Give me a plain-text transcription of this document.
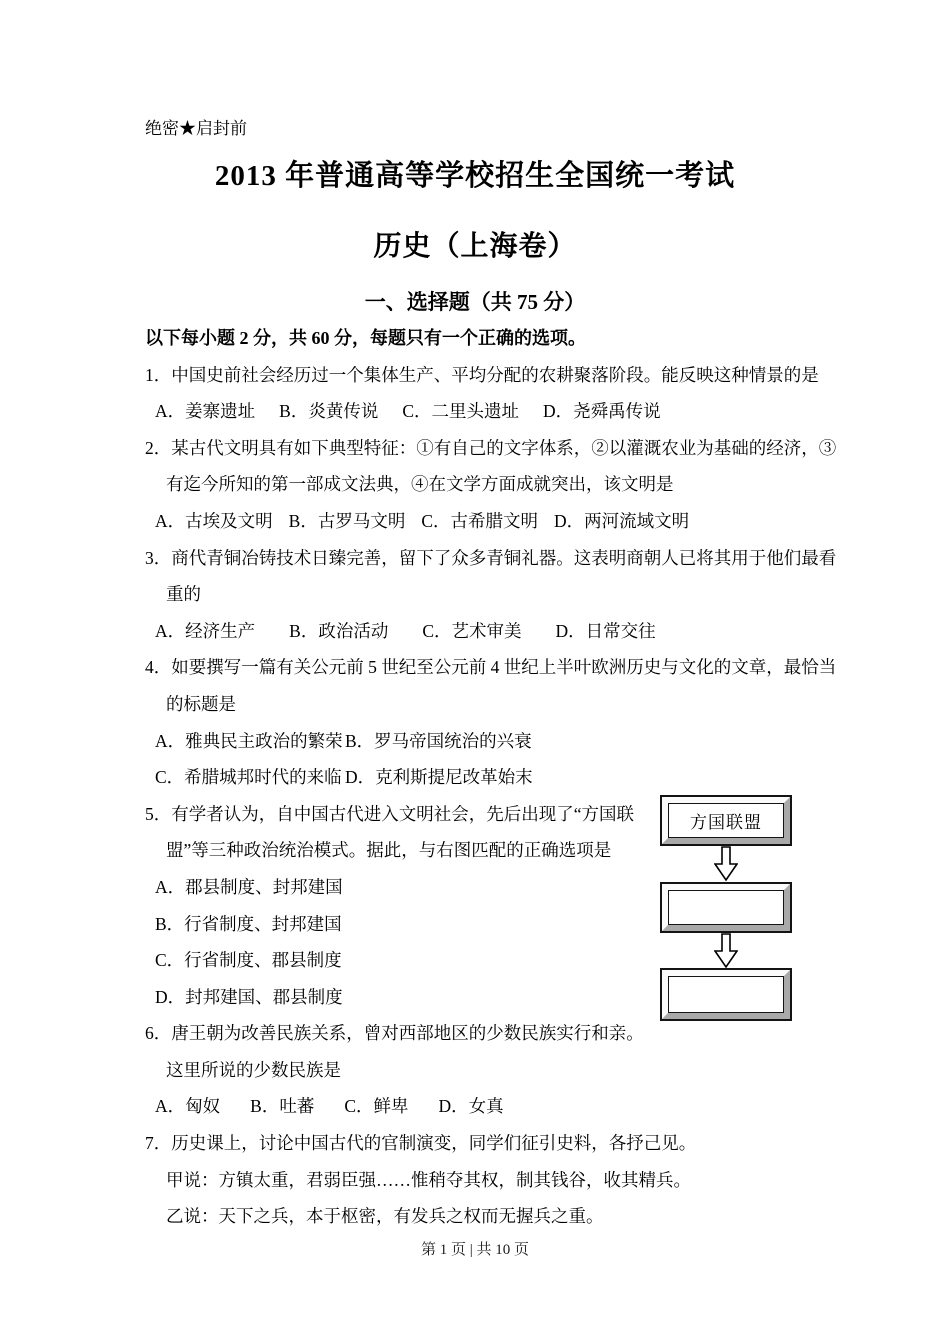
绝密★启封前
2013 年普通高等学校招生全国统一考试
历史（上海卷）
一、选择题（共 75 分）
以下每小题 2 分，共 60 分，每题只有一个正确的选项。
1．中国史前社会经历过一个集体生产、平均分配的农耕聚落阶段。能反映这种情景的是
A．姜寨遗址 B．炎黄传说 C．二里头遗址 D．尧舜禹传说
2．某古代文明具有如下典型特征：①有自己的文字体系，②以灌溉农业为基础的经济，③
有迄今所知的第一部成文法典，④在文学方面成就突出，该文明是
A．古埃及文明 B．古罗马文明 C．古希腊文明 D．两河流域文明
3．商代青铜冶铸技术日臻完善，留下了众多青铜礼器。这表明商朝人已将其用于他们最看
重的
A．经济生产 B．政治活动 C．艺术审美 D．日常交往
4．如要撰写一篇有关公元前 5 世纪至公元前 4 世纪上半叶欧洲历史与文化的文章，最恰当
的标题是
A．雅典民主政治的繁荣 B．罗马帝国统治的兴衰
C．希腊城邦时代的来临 D．克利斯提尼改革始末
5．有学者认为，自中国古代进入文明社会，先后出现了“方国联
盟”等三种政治统治模式。据此，与右图匹配的正确选项是
A．郡县制度、封邦建国
B．行省制度、封邦建国
C．行省制度、郡县制度
D．封邦建国、郡县制度
6．唐王朝为改善民族关系，曾对西部地区的少数民族实行和亲。
这里所说的少数民族是
A．匈奴 B．吐蕃 C．鲜卑 D．女真
7．历史课上，讨论中国古代的官制演变，同学们征引史料，各抒己见。
甲说：方镇太重，君弱臣强……惟稍夺其权，制其钱谷，收其精兵。
乙说：天下之兵，本于枢密，有发兵之权而无握兵之重。
方国联盟
第 1 页 | 共 10 页
